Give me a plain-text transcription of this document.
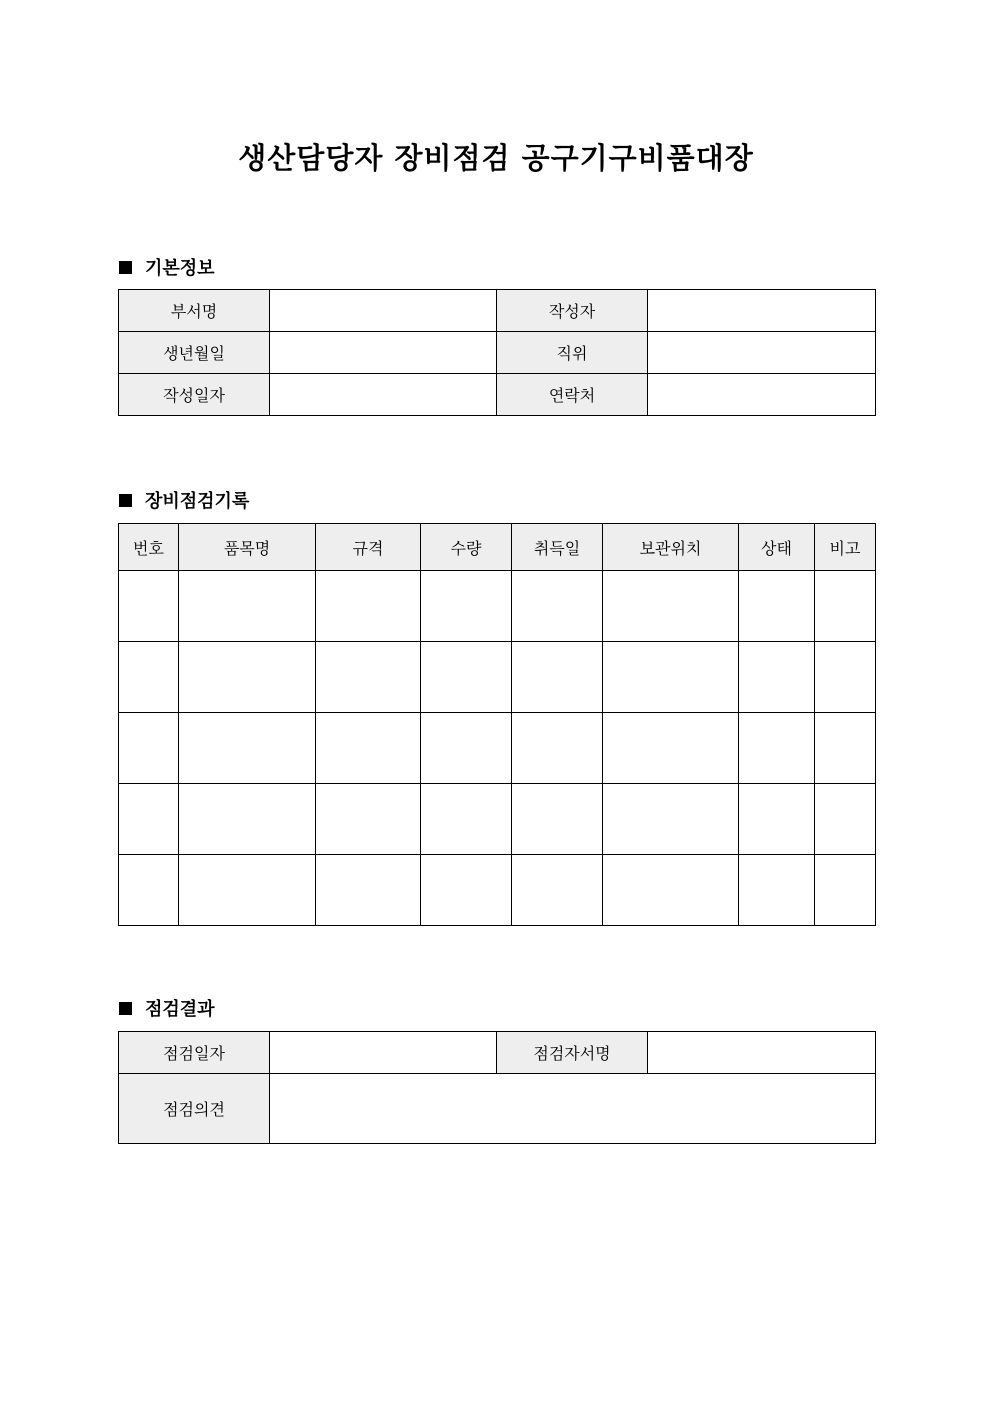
생산담당자 장비점검 공구기구비품대장
기본정보
부서명		작성자	
생년월일		직위	
작성일자		연락처	
장비점검기록
번호	품목명	규격	수량	취득일	보관위치	상태	비고

점검결과
점검일자		점검자서명	
점검의견			
